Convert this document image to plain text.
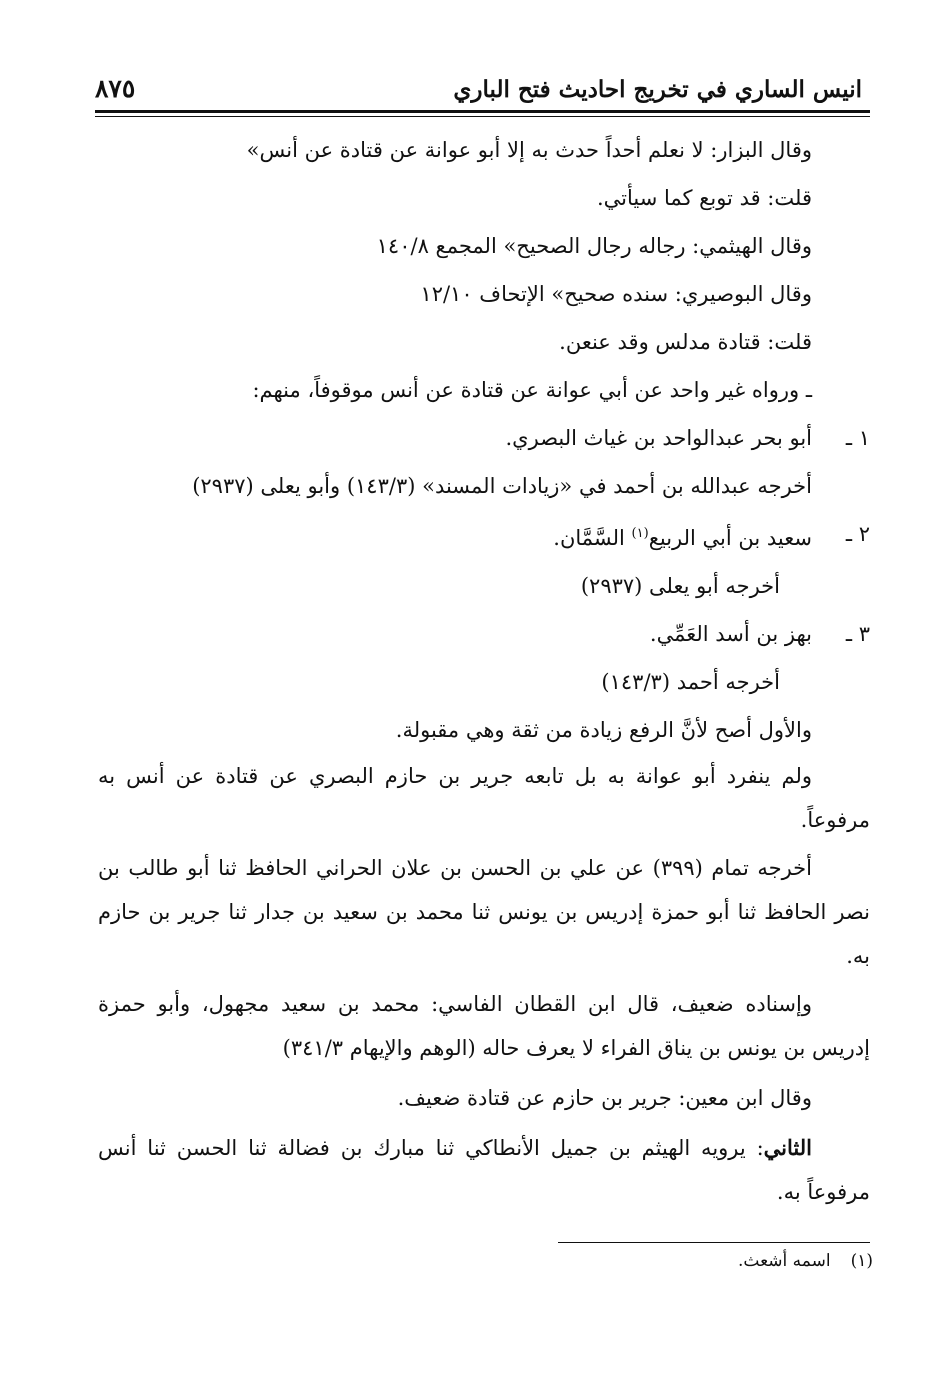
انيس الساري في تخريج احاديث فتح الباري
٨٧٥

وقال البزار: لا نعلم أحداً حدث به إلا أبو عوانة عن قتادة عن أنس»

قلت: قد توبع كما سيأتي.

وقال الهيثمي: رجاله رجال الصحيح» المجمع ١٤٠/٨

وقال البوصيري: سنده صحيح» الإتحاف ١٢/١٠

قلت: قتادة مدلس وقد عنعن.

ـ ورواه غير واحد عن أبي عوانة عن قتادة عن أنس موقوفاً، منهم:

١ ـ
أبو بحر عبدالواحد بن غياث البصري.

أخرجه عبدالله بن أحمد في «زيادات المسند» (١٤٣/٣) وأبو يعلى (٢٩٣٧)

٢ ـ
سعيد بن أبي الربيع$^{(١)}$ السَّمَّان.

أخرجه أبو يعلى (٢٩٣٧)

٣ ـ
بهز بن أسد العَمِّي.

أخرجه أحمد (١٤٣/٣)

والأول أصح لأنَّ الرفع زيادة من ثقة وهي مقبولة.

ولم ينفرد أبو عوانة به بل تابعه جرير بن حازم البصري عن قتادة عن أنس به مرفوعاً.

أخرجه تمام (٣٩٩) عن علي بن الحسن بن علان الحراني الحافظ ثنا أبو طالب بن نصر الحافظ ثنا أبو حمزة إدريس بن يونس ثنا محمد بن سعيد بن جدار ثنا جرير بن حازم به.

وإسناده ضعيف، قال ابن القطان الفاسي: محمد بن سعيد مجهول، وأبو حمزة إدريس بن يونس بن يناق الفراء لا يعرف حاله (الوهم والإيهام ٣٤١/٣)

وقال ابن معين: جرير بن حازم عن قتادة ضعيف.

الثاني: يرويه الهيثم بن جميل الأنطاكي ثنا مبارك بن فضالة ثنا الحسن ثنا أنس مرفوعاً به.

(١)اسمه أشعث.
